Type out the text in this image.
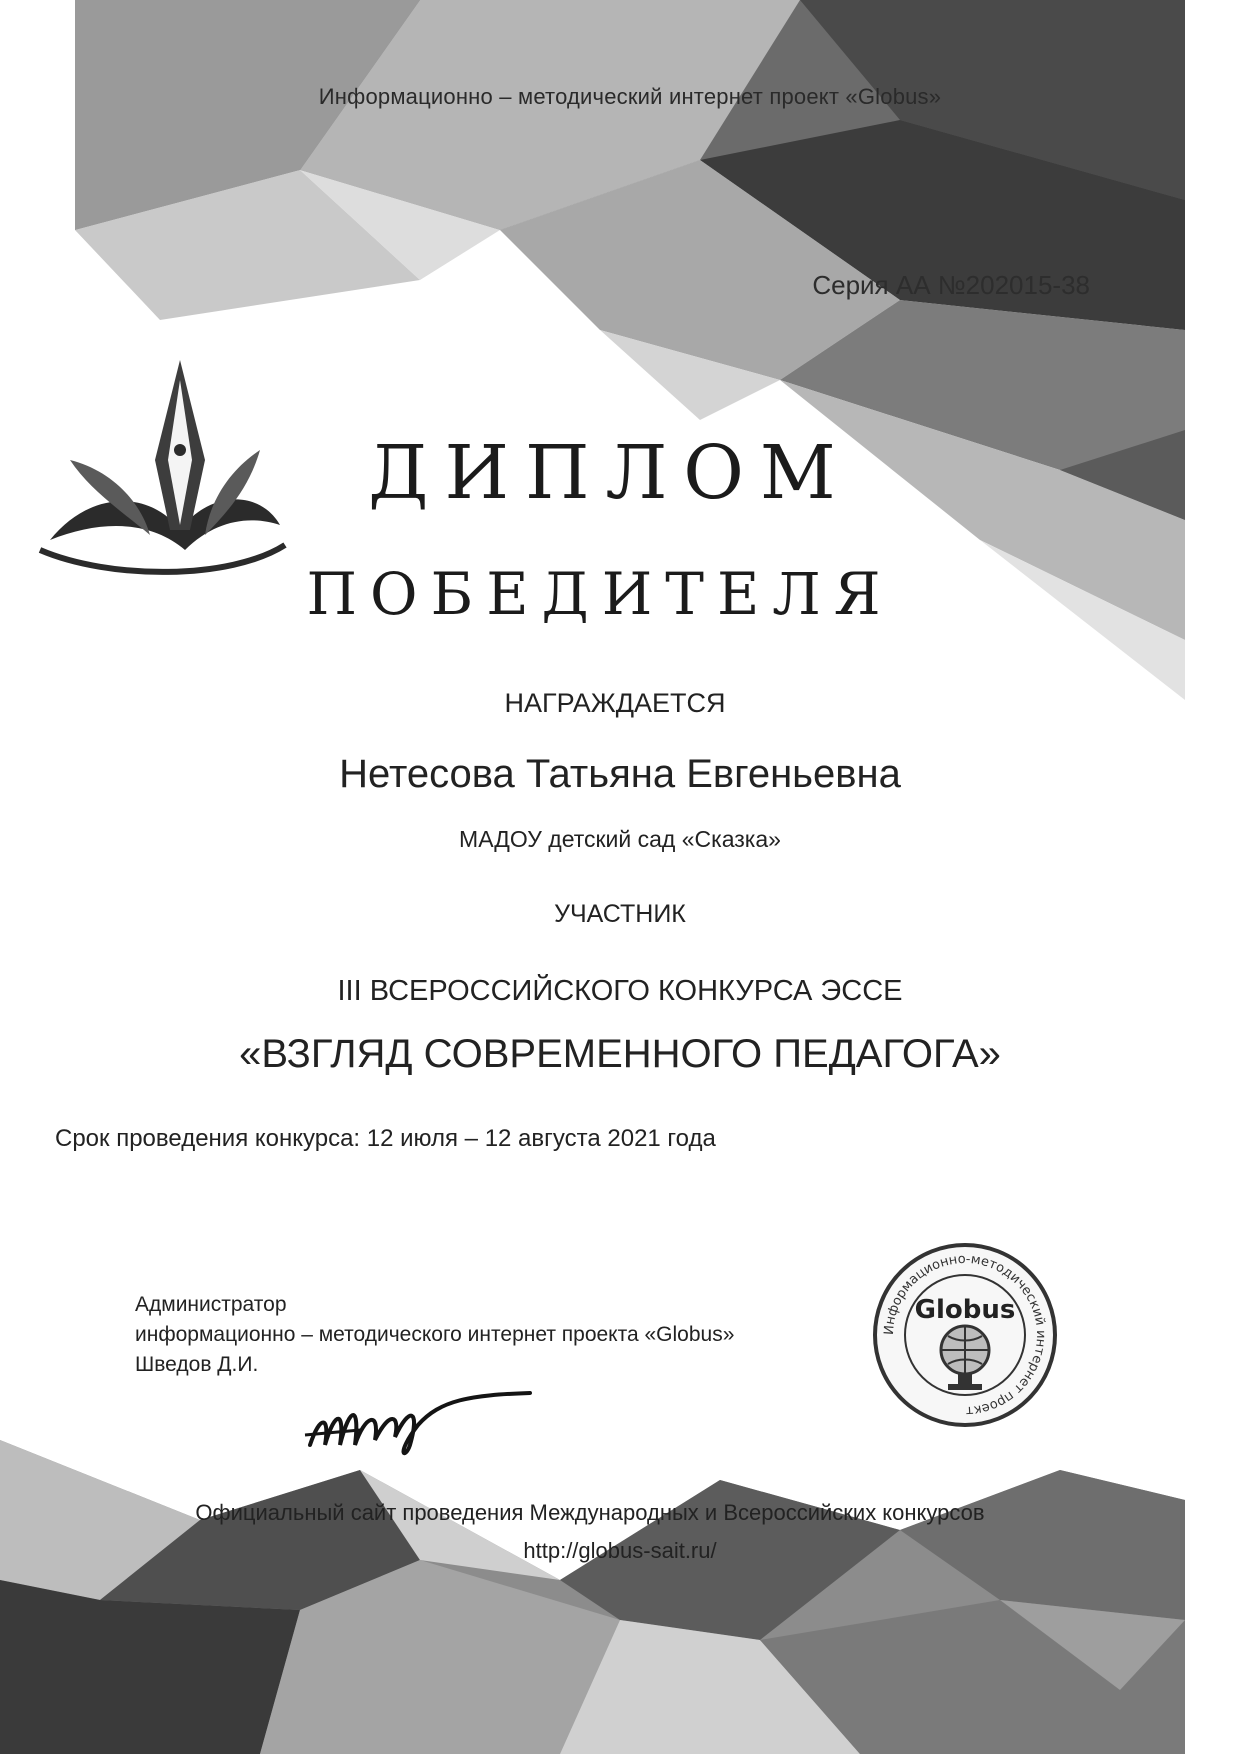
Информационно – методический интернет проект «Globus»
Серия АА №202015-38
ДИПЛОМ
ПОБЕДИТЕЛЯ
НАГРАЖДАЕТСЯ
Нетесова Татьяна Евгеньевна
МАДОУ детский сад «Сказка»
УЧАСТНИК
III ВСЕРОССИЙСКОГО КОНКУРСА ЭССЕ
«ВЗГЛЯД СОВРЕМЕННОГО ПЕДАГОГА»
Срок проведения конкурса: 12 июля – 12 августа 2021 года
Администратор
информационно – методического интернет проекта «Globus»
Шведов Д.И.
Информационно-методический интернет проект
Globus
Официальный сайт проведения Международных и Всероссийских конкурсов
http://globus-sait.ru/
